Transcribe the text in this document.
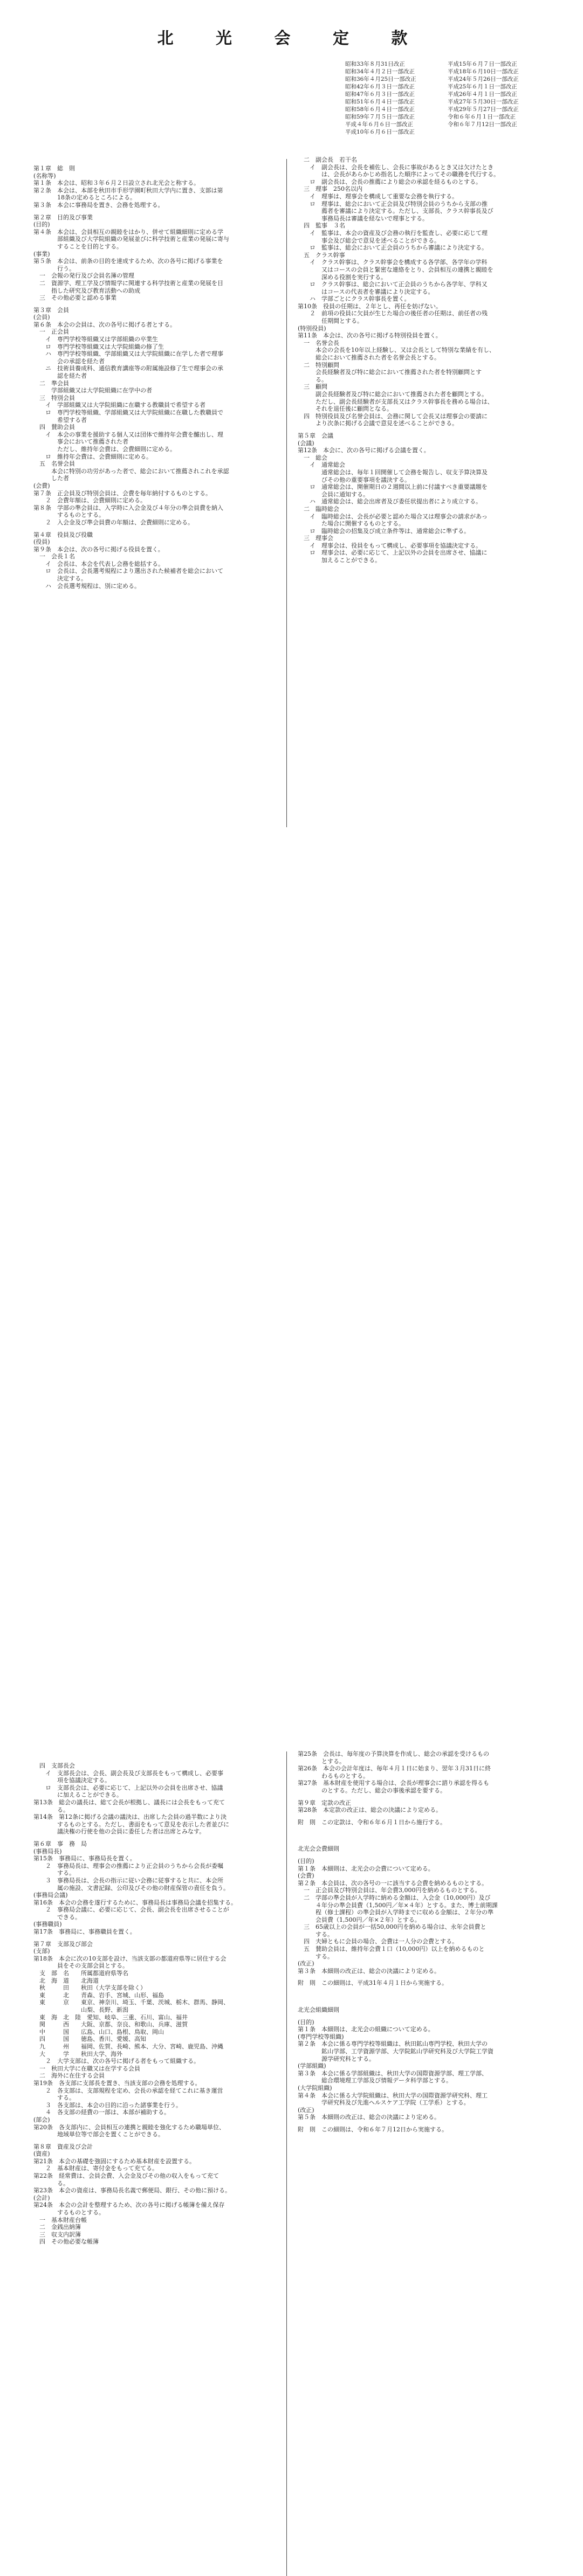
北 光 会 定 款
昭和33年８月31日改正	平成15年６月７日一部改正
昭和34年４月２日一部改正	平成18年６月10日一部改正
昭和36年４月25日一部改正	平成24年５月26日一部改正
昭和42年６月３日一部改正	平成25年６月１日一部改正
昭和47年６月３日一部改正	平成26年４月１日一部改正
昭和51年６月４日一部改正	平成27年５月30日一部改正
昭和58年６月４日一部改正	平成29年５月27日一部改正
昭和59年７月５日一部改正	令和６年６月１日一部改正
平成４年６月６日一部改正	令和６年７月12日一部改正
平成10年６月６日一部改正
第１章　総　則
(名称等)
第１条　本会は、昭和３年６月２日設立され北光会と称する。
第２条　本会は、本部を秋田市手形学園町秋田大学内に置き、支部は第
　　　　18条の定めるところによる。
第３条　本会に事務局を置き、会務を処理する。
第２章　目的及び事業
(目的)
第４条　本会は、会員相互の親睦をはかり、併せて組織細則に定める学
　　　　部組織及び大学院組織の発展並びに科学技術と産業の発展に寄与
　　　　することを目的とする。
(事業)
第５条　本会は、前条の目的を達成するため、次の各号に掲げる事業を
　　　　行う。
　一　会報の発行及び会員名簿の管理
　二　資源学、理工学及び情報学に関連する科学技術と産業の発展を目
　　　指した研究及び教育活動への助成
　三　その他必要と認める事業
第３章　会員
(会員)
第６条　本会の会員は、次の各号に掲げる者とする。
　一　正会員
　　イ　専門学校等組織又は学部組織の卒業生
　　ロ　専門学校等組織又は大学院組織の修了生
　　ハ　専門学校等組織、学部組織又は大学院組織に在学した者で理事
　　　　会の承認を経た者
　　ニ　技術員養成科、通信教育講座等の附属施設修了生で理事会の承
　　　　認を経た者
　二　準会員
　　　学部組織又は大学院組織に在学中の者
　三　特別会員
　　イ　学部組織又は大学院組織に在職する教職員で希望する者
　　ロ　専門学校等組織、学部組織又は大学院組織に在職した教職員で
　　　　希望する者
　四　賛助会員
　　イ　本会の事業を援助する個人又は団体で維持年会費を醵出し、理
　　　　事会において推薦された者
　　　　ただし、維持年会費は、会費細則に定める。
　　ロ　維持年会費は、会費細則に定める。
　五　名誉会員
　　　本会に特別の功労があった者で、総会において推薦されこれを承認
　　　した者
(会費)
第７条　正会員及び特別会員は、会費を毎年納付するものとする。
　　２　会費年額は、会費細則に定める。
第８条　学部の準会員は、入学時に入会金及び４年分の準会員費を納入
　　　　するものとする。
　　２　入会金及び準会員費の年額は、会費細則に定める。
第４章　役員及び役職
(役員)
第９条　本会は、次の各号に掲げる役員を置く。
　一　会長１名
　　イ　会長は、本会を代表し会務を総括する。
　　ロ　会長は、会長選考規程により選出された候補者を総会において
　　　　決定する。
　　ハ　会長選考規程は、別に定める。
　二　副会長　若干名
　　イ　副会長は、会長を補佐し、会長に事故があるとき又は欠けたとき
　　　　は、会長があらかじめ指名した順序によってその職務を代行する。
　　ロ　副会長は、会長の推薦により総会の承認を経るものとする。
　三　理事　250名以内
　　イ　理事は、理事会を構成して重要な会務を執行する。
　　ロ　理事は、総会において正会員及び特別会員のうちから支部の推
　　　　薦者を審議により決定する。ただし、支部長、クラス幹事長及び
　　　　事務局長は審議を経ないで理事とする。
　四　監事　３名
　　イ　監事は、本会の資産及び会務の執行を監査し、必要に応じて理
　　　　事会及び総会で意見を述べることができる。
　　ロ　監事は、総会において正会員のうちから審議により決定する。
　五　クラス幹事
　　イ　クラス幹事は、クラス幹事会を構成する各学部、各学年の学科
　　　　又はコースの会員と緊密な連絡をとり、会員相互の連携と親睦を
　　　　深める役割を実行する。
　　ロ　クラス幹事は、総会において正会員のうちから各学年、学科又
　　　　はコースの代表者を審議により決定する。
　　ハ　学部ごとにクラス幹事長を置く。
第10条　役員の任期は、２年とし、再任を妨げない。
　　２　前項の役員に欠員が生じた場合の後任者の任期は、前任者の残
　　　　任期間とする。
(特別役員)
第11条　本会は、次の各号に掲げる特別役員を置く。
　一　名誉会長
　　　本会の会長を10年以上経験し、又は会長として特別な業績を有し、
　　　総会において推薦された者を名誉会長とする。
　二　特別顧問
　　　会長経験者及び特に総会において推薦された者を特別顧問とす
　　　る。
　三　顧問
　　　副会長経験者及び特に総会において推薦された者を顧問とする。
　　　ただし、副会長経験者が支部長又はクラス幹事長を務める場合は、
　　　それを退任後に顧問となる。
　四　特別役員及び名誉会員は、会務に関して会長又は理事会の要請に
　　　より次条に掲げる会議で意見を述べることができる。
第５章　会議
(会議)
第12条　本会に、次の各号に掲げる会議を置く。
　一　総会
　　イ　通常総会
　　　　通常総会は、毎年１回開催して会務を報告し、収支予算決算及
　　　　びその他の重要事項を議決する。
　　ロ　通常総会は、開催期日の２週間以上前に付議すべき重要議題を
　　　　会員に通知する。
　　ハ　通常総会は、総会出席者及び委任状提出者により成立する。
　二　臨時総会
　　イ　臨時総会は、会長が必要と認めた場合又は理事会の請求があっ
　　　　た場合に開催するものとする。
　　ロ　臨時総会の招集及び成立条件等は、通常総会に準ずる。
　三　理事会
　　イ　理事会は、役員をもって構成し、必要事項を協議決定する。
　　ロ　理事会は、必要に応じて、上記以外の会員を出席させ、協議に
　　　　加えることができる。
　四　支部長会
　　イ　支部長会は、会長、副会長及び支部長をもって構成し、必要事
　　　　項を協議決定する。
　　ロ　支部長会は、必要に応じて、上記以外の会員を出席させ、協議
　　　　に加えることができる。
第13条　総会の議長は、総て会長が根拠し、議長には会長をもって充て
　　　　る。
第14条　第12条に掲げる会議の議決は、出席した会員の過半数により決
　　　　するものとする。ただし、書面をもって意見を表示した者並びに
　　　　議決権の行使を他の会員に委任した者は出席とみなす。
第６章　事　務　局
(事務局長)
第15条　事務局に、事務局長を置く。
　　２　事務局長は、理事会の推薦により正会員のうちから会長が委嘱
　　　　する。
　　３　事務局長は、会長の指示に従い会務に従事すると共に、本会所
　　　　属の施設、文書記録、公印及びその他の財産保管の責任を負う。
(事務局会議)
第16条　本会の会務を遂行するために、事務局長は事務局会議を招集する。
　　２　事務局会議に、必要に応じて、会長、副会長を出席させることが
　　　　できる。
(事務職員)
第17条　事務局に、事務職員を置く。
第７章　支部及び部会
(支部)
第18条　本会に次の10支部を設け、当該支部の都道府県等に居住する会
　　　　員をその支部会員とする。
　支　部　名　　所属都道府県等名
　北　海　道　　北海道
　秋　　　田　　秋田（大学支部を除く）
　東　　　北　　青森、岩手、宮城、山形、福島
　東　　　京　　東京、神奈川、埼玉、千葉、茨城、栃木、群馬、静岡、
　　　　　　　　山梨、長野、新潟
　東　海　北　陸　愛知、岐阜、三重、石川、富山、福井
　関　　　西　　大阪、京都、奈良、和歌山、兵庫、滋賀
　中　　　国　　広島、山口、島根、鳥取、岡山
　四　　　国　　徳島、香川、愛媛、高知
　九　　　州　　福岡、佐賀、長崎、熊本、大分、宮崎、鹿児島、沖縄
　大　　　学　　秋田大学、海外
　　２　大学支部は、次の各号に掲げる者をもって組織する。
　一　秋田大学に在職又は在学する会員
　二　海外に在住する会員
第19条　各支部に支部長を置き、当該支部の会務を処理する。
　　２　各支部は、支部規程を定め、会長の承認を経てこれに基き運営
　　　　する。
　　３　各支部は、本会の目的に沿った諸事業を行う。
　　４　各支部の経費の一部は、本部が補助する。
(部会)
第20条　各支部内に、会員相互の連携と親睦を強化するため職場単位、
　　　　地域単位等で部会を置くことができる。
第８章　資産及び会計
(資産)
第21条　本会の基礎を強固にするため基本財産を設置する。
　　２　基本財産は、寄付金をもって充てる。
第22条　経常費は、会員会費、入会金及びその他の収入をもって充て
　　　　る。
第23条　本会の資産は、事務局長名義で郵便局、銀行、その他に預ける。
(会計)
第24条　本会の会計を整理するため、次の各号に掲げる帳簿を備え保存
　　　　するものとする。
　一　基本財産台帳
　二　金銭出納簿
　三　収支内訳簿
　四　その他必要な帳簿
第25条　会長は、毎年度の予算決算を作成し、総会の承認を受けるもの
　　　　とする。
第26条　本会の会計年度は、毎年４月１日に始まり、翌年３月31日に終
　　　　わるものとする。
第27条　基本財産を使用する場合は、会長が理事会に諮り承認を得るも
　　　　のとする。ただし、総会の事後承認を要する。
第９章　定款の改正
第28条　本定款の改正は、総会の決議により定める。
附　則　この定款は、令和６年６月１日から施行する。
北光会会費細則
(目的)
第１条　本細則は、北光会の会費について定める。
(会費)
第２条　本会員は、次の各号の一に該当する会費を納めるものとする。
　一　正会員及び特別会員は、年会費3,000円を納めるものとする。
　二　学部の準会員が入学時に納める金額は、入会金（10,000円）及び
　　　４年分の準会員費（1,500円／年×４年）とする。また、博士前期課
　　　程（修士課程）の準会員が入学時までに収める金額は、２年分の準
　　　会員費（1,500円／年×２年）とする。
　三　65歳以上の会員が一括50,000円を納める場合は、永年会員費と
　　　する。
　四　夫婦ともに会員の場合、会費は一人分の会費とする。
　五　賛助会員は、維持年会費１口（10,000円）以上を納めるものと
　　　する。
(改正)
第３条　本細則の改正は、総会の決議により定める。
附　則　この細則は、平成31年４月１日から実施する。
北光会組織細則
(目的)
第１条　本細則は、北光会の組織について定める。
(専門学校等組織)
第２条　本会に係る専門学校等組織は、秋田鉱山専門学校、秋田大学の
　　　　鉱山学部、工学資源学部、大学院鉱山学研究科及び大学院工学資
　　　　源学研究科とする。
(学部組織)
第３条　本会に係る学部組織は、秋田大学の国際資源学部、理工学部、
　　　　総合環境理工学部及び情報データ科学部とする。
(大学院組織)
第４条　本会に係る大学院組織は、秋田大学の国際資源学研究科、理工
　　　　学研究科及び先進ヘルスケア工学院（工学系）とする。
(改正)
第５条　本細則の改正は、総会の決議により定める。
附　則　この細則は、令和６年７月12日から実施する。
